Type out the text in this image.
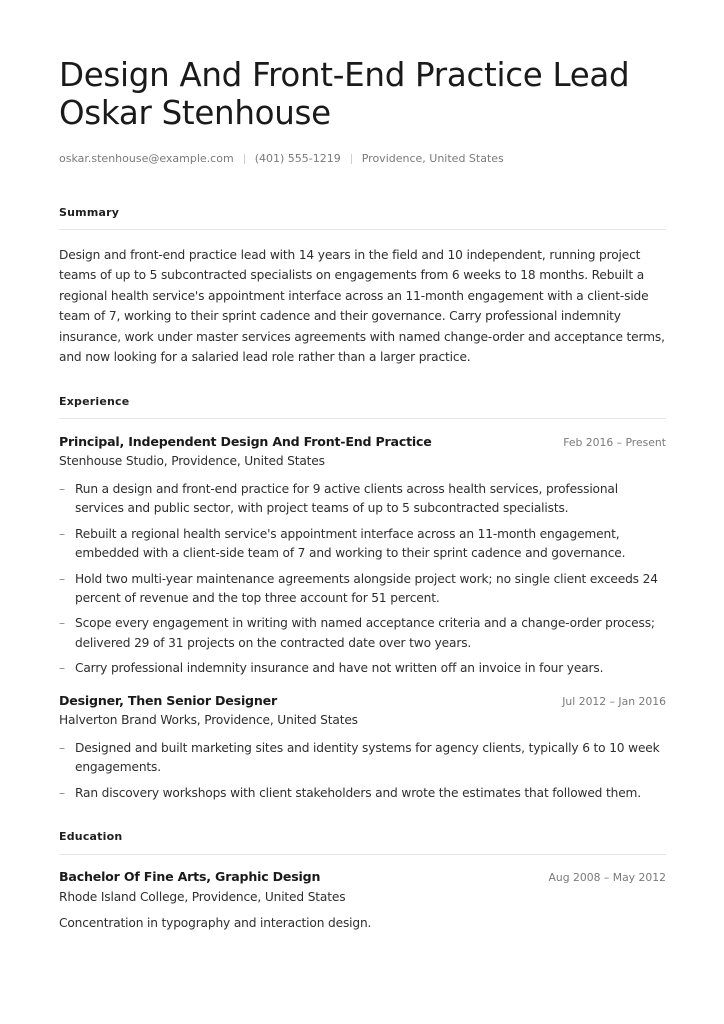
Design And Front-End Practice Lead Oskar Stenhouse
oskar.stenhouse@example.com (401) 555-1219 Providence, United States
Summary

Design and front-end practice lead with 14 years in the field and 10 independent, running project teams of up to 5 subcontracted specialists on engagements from 6 weeks to 18 months. Rebuilt a regional health service's appointment interface across an 11-month engagement with a client-side team of 7, working to their sprint cadence and their governance. Carry professional indemnity insurance, work under master services agreements with named change-order and acceptance terms, and now looking for a salaried lead role rather than a larger practice.

Experience
Principal, Independent Design And Front-End Practice	Feb 2016 – Present
Stenhouse Studio, Providence, United States
– Run a design and front-end practice for 9 active clients across health services, professional services and public sector, with project teams of up to 5 subcontracted specialists.
– Rebuilt a regional health service's appointment interface across an 11-month engagement, embedded with a client-side team of 7 and working to their sprint cadence and governance.
– Hold two multi-year maintenance agreements alongside project work; no single client exceeds 24 percent of revenue and the top three account for 51 percent.
– Scope every engagement in writing with named acceptance criteria and a change-order process; delivered 29 of 31 projects on the contracted date over two years.
– Carry professional indemnity insurance and have not written off an invoice in four years.
Designer, Then Senior Designer	Jul 2012 – Jan 2016
Halverton Brand Works, Providence, United States
– Designed and built marketing sites and identity systems for agency clients, typically 6 to 10 week engagements.
– Ran discovery workshops with client stakeholders and wrote the estimates that followed them.
Education
Bachelor Of Fine Arts, Graphic Design	Aug 2008 – May 2012
Rhode Island College, Providence, United States
Concentration in typography and interaction design.
